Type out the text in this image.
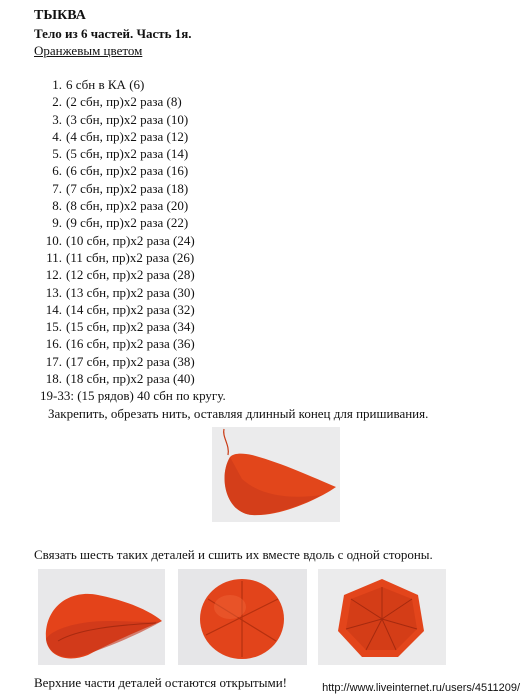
ТЫКВА
Тело из 6 частей. Часть 1я.
Оранжевым цветом
1. 6 сбн в КА (6)
2. (2 сбн, пр)х2 раза (8)
3. (3 сбн, пр)х2 раза (10)
4. (4 сбн, пр)х2 раза (12)
5. (5 сбн, пр)х2 раза (14)
6. (6 сбн, пр)х2 раза (16)
7. (7 сбн, пр)х2 раза (18)
8. (8 сбн, пр)х2 раза (20)
9. (9 сбн, пр)х2 раза (22)
10. (10 сбн, пр)х2 раза (24)
11. (11 сбн, пр)х2 раза (26)
12. (12 сбн, пр)х2 раза (28)
13. (13 сбн, пр)х2 раза (30)
14. (14 сбн, пр)х2 раза (32)
15. (15 сбн, пр)х2 раза (34)
16. (16 сбн, пр)х2 раза (36)
17. (17 сбн, пр)х2 раза (38)
18. (18 сбн, пр)х2 раза (40)
19-33: (15 рядов) 40 сбн по кругу.
Закрепить, обрезать нить, оставляя длинный конец для пришивания.
Связать шесть таких деталей и сшить их вместе вдоль с одной стороны.
Верхние части деталей остаются открытыми!	http://www.liveinternet.ru/users/4511209/
